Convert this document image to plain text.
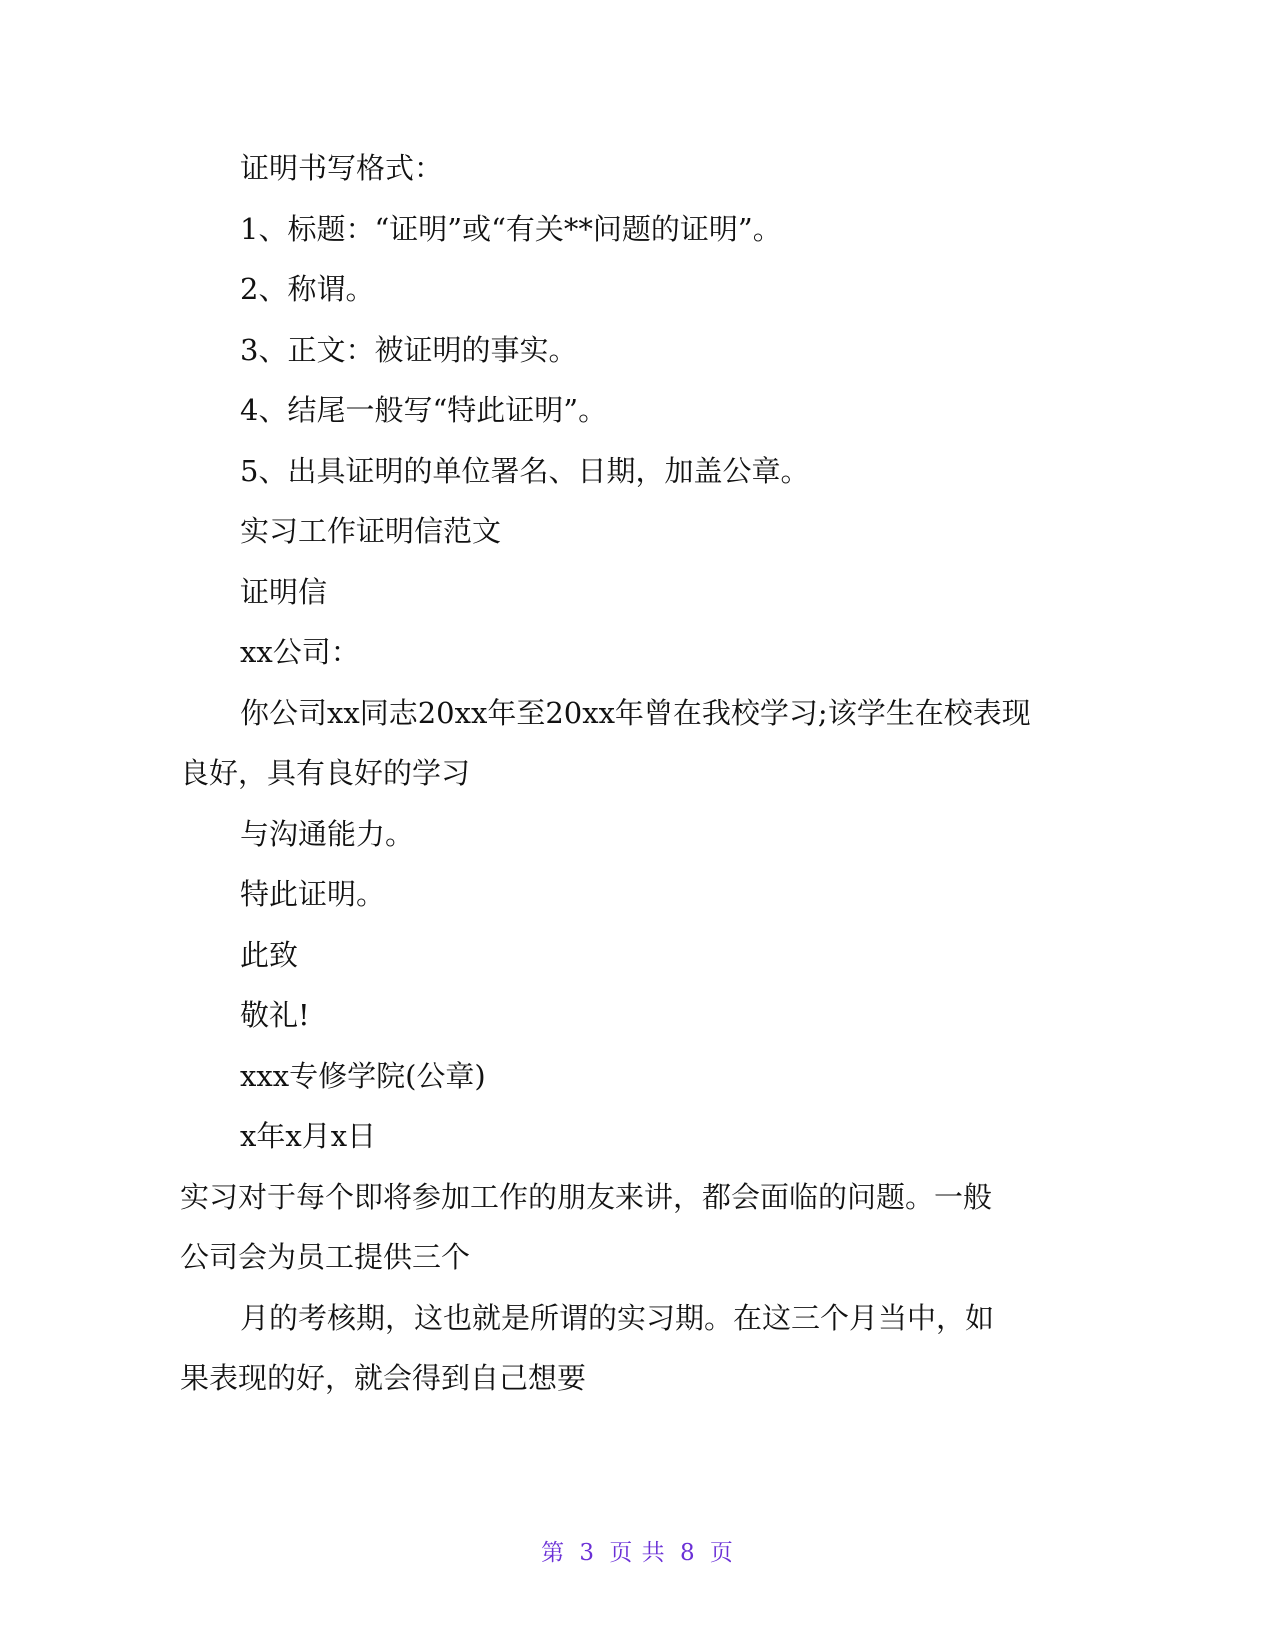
证明书写格式：
1、标题：“证明”或“有关**问题的证明”。
2、称谓。
3、正文：被证明的事实。
4、结尾一般写“特此证明”。
5、出具证明的单位署名、日期，加盖公章。
实习工作证明信范文
证明信
xx公司：
你公司xx同志20xx年至20xx年曾在我校学习;该学生在校表现
良好，具有良好的学习
与沟通能力。
特此证明。
此致
敬礼!
xxx专修学院(公章)
x年x月x日
实习对于每个即将参加工作的朋友来讲，都会面临的问题。一般
公司会为员工提供三个
月的考核期，这也就是所谓的实习期。在这三个月当中，如
果表现的好，就会得到自己想要
第 3 页 共 8 页
